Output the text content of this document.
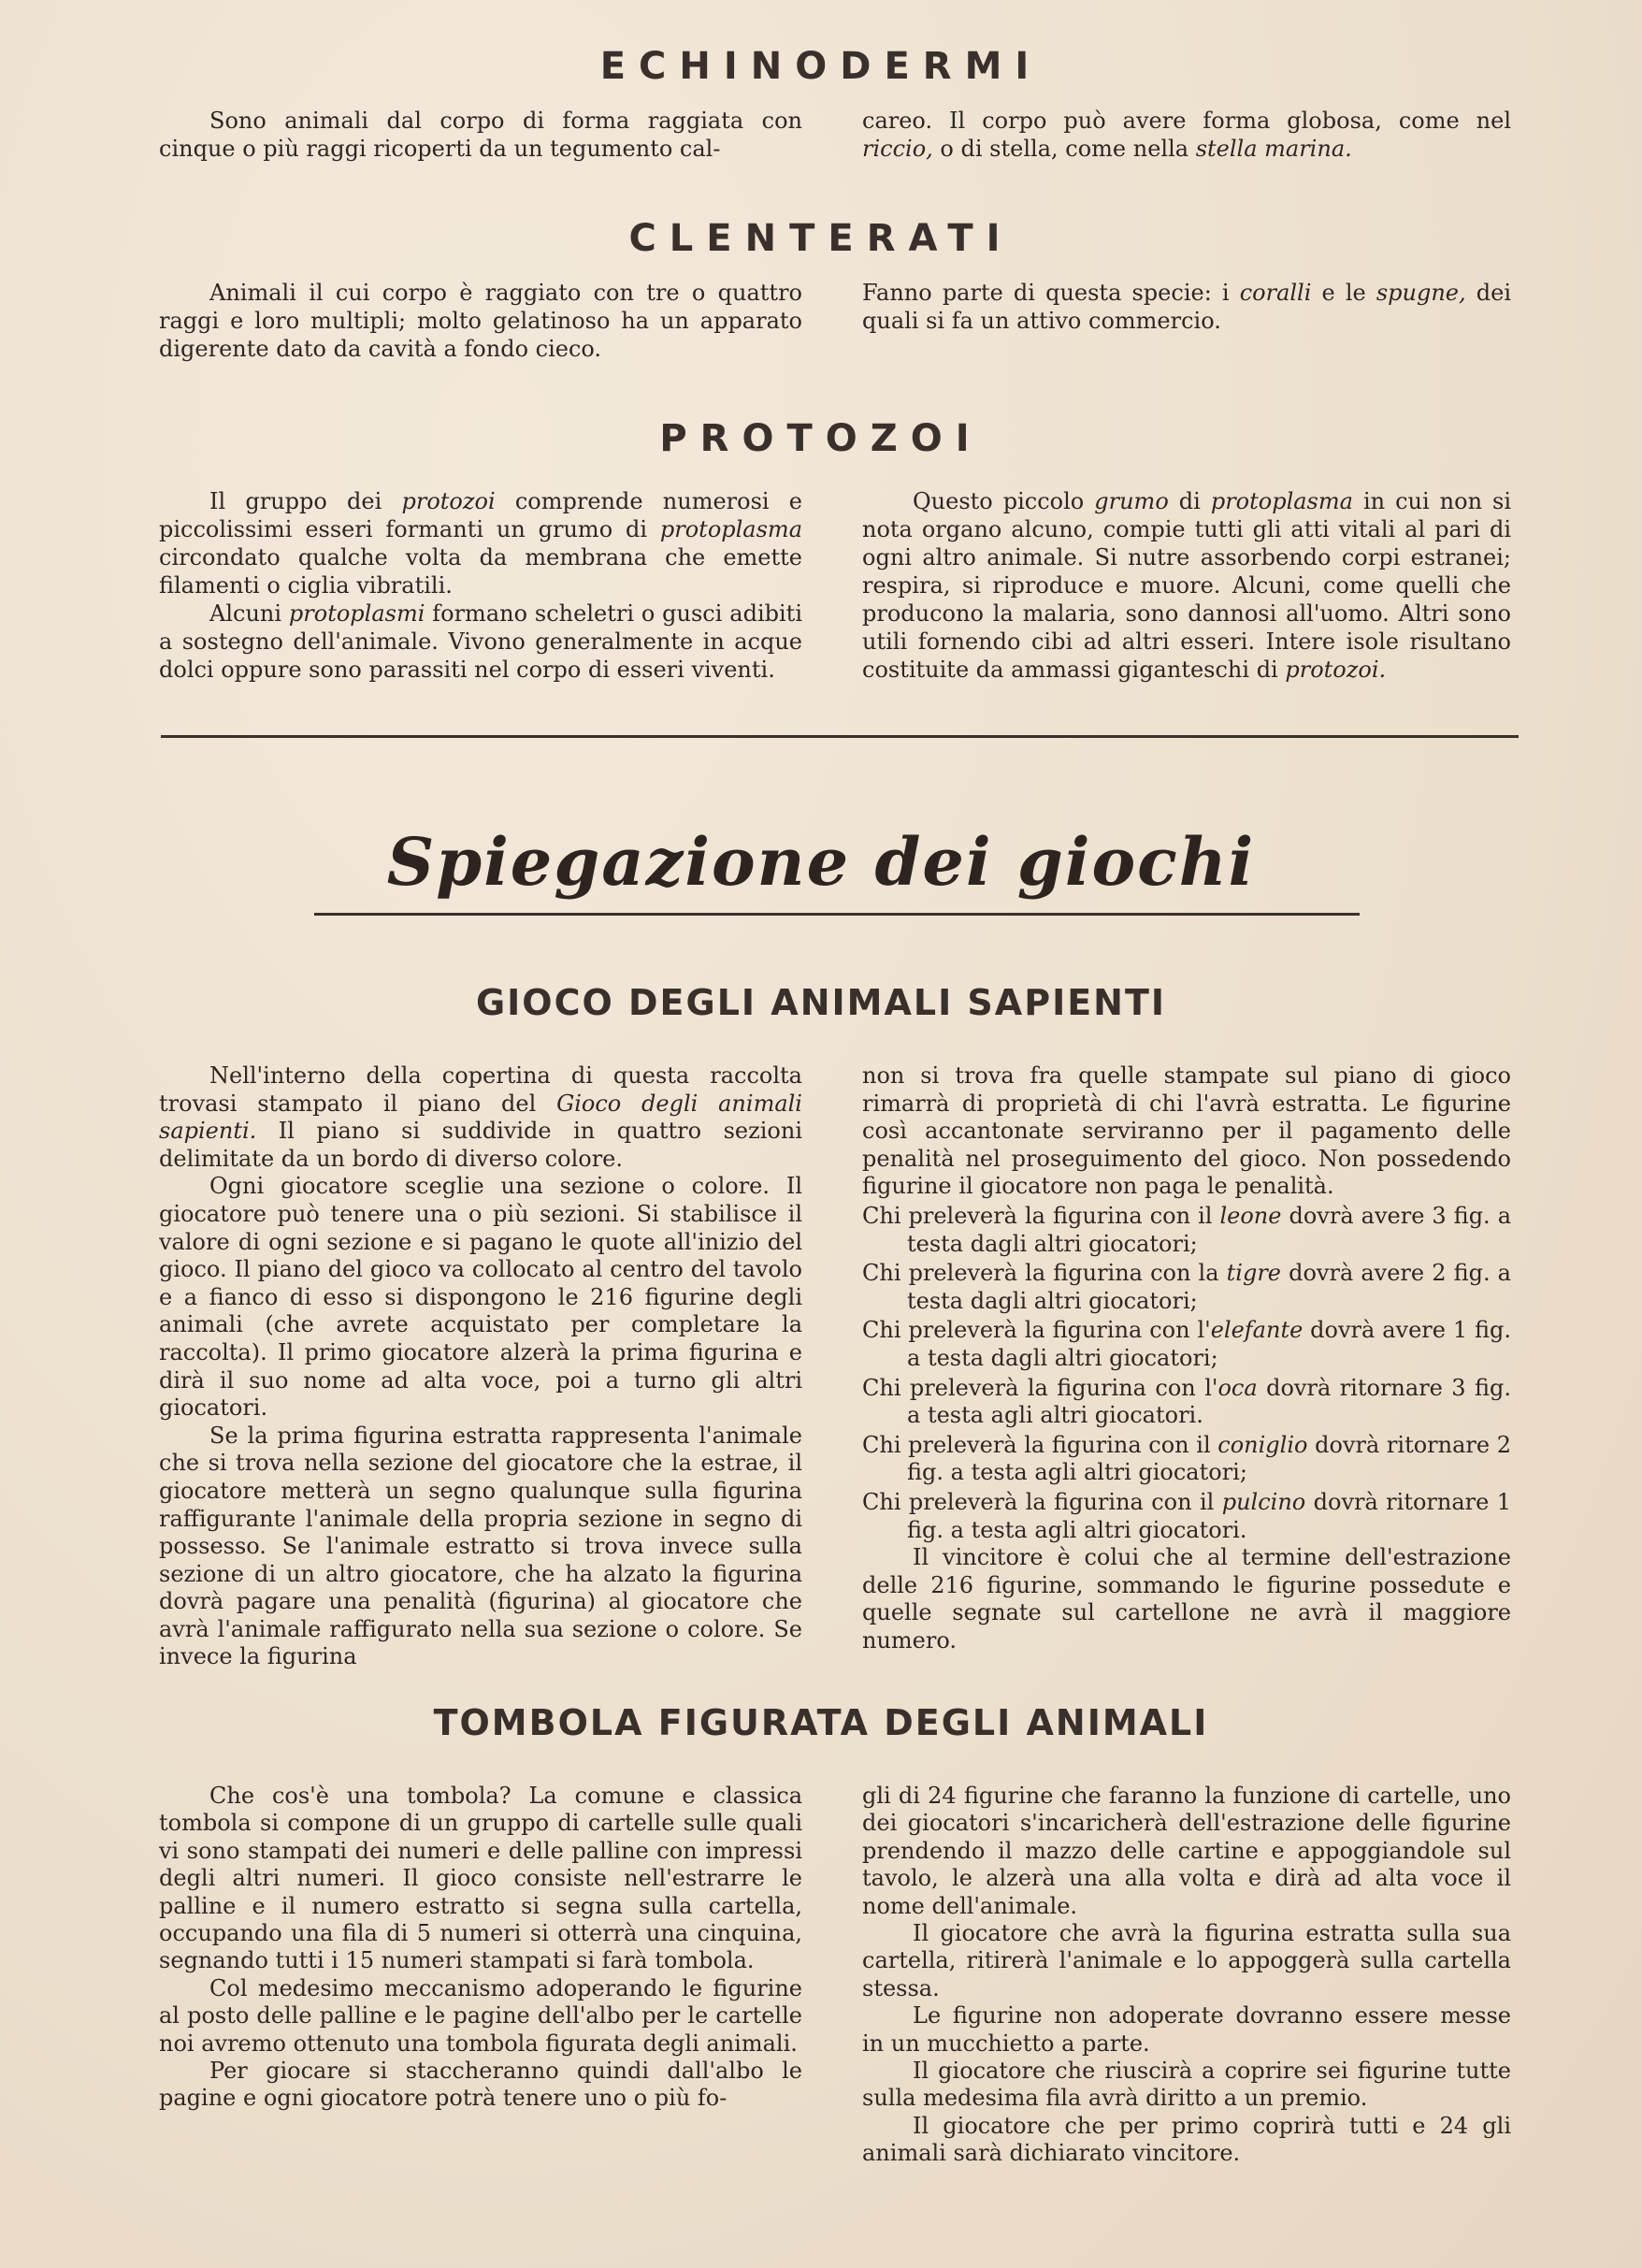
ECHINODERMI

Sono animali dal corpo di forma raggiata con cinque o più raggi ricoperti da un tegumento cal-

careo. Il corpo può avere forma globosa, come nel riccio, o di stella, come nella stella marina.

CLENTERATI

Animali il cui corpo è raggiato con tre o quattro raggi e loro multipli; molto gelatinoso ha un apparato digerente dato da cavità a fondo cieco.

Fanno parte di questa specie: i coralli e le spugne, dei quali si fa un attivo commercio.

PROTOZOI

Il gruppo dei protozoi comprende numerosi e piccolissimi esseri formanti un grumo di protoplasma circondato qualche volta da membrana che emette filamenti o ciglia vibratili.

Alcuni protoplasmi formano scheletri o gusci adibiti a sostegno dell'animale. Vivono generalmente in acque dolci oppure sono parassiti nel corpo di esseri viventi.

Questo piccolo grumo di protoplasma in cui non si nota organo alcuno, compie tutti gli atti vitali al pari di ogni altro animale. Si nutre assorbendo corpi estranei; respira, si riproduce e muore. Alcuni, come quelli che producono la malaria, sono dannosi all'uomo. Altri sono utili fornendo cibi ad altri esseri. Intere isole risultano costituite da ammassi giganteschi di protozoi.

Spiegazione dei giochi
GIOCO DEGLI ANIMALI SAPIENTI

Nell'interno della copertina di questa raccolta trovasi stampato il piano del Gioco degli animali sapienti. Il piano si suddivide in quattro sezioni delimitate da un bordo di diverso colore.

Ogni giocatore sceglie una sezione o colore. Il giocatore può tenere una o più sezioni. Si stabilisce il valore di ogni sezione e si pagano le quote all'inizio del gioco. Il piano del gioco va collocato al centro del tavolo e a fianco di esso si dispongono le 216 figurine degli animali (che avrete acquistato per completare la raccolta). Il primo giocatore alzerà la prima figurina e dirà il suo nome ad alta voce, poi a turno gli altri giocatori.

Se la prima figurina estratta rappresenta l'animale che si trova nella sezione del giocatore che la estrae, il giocatore metterà un segno qualunque sulla figurina raffigurante l'animale della propria sezione in segno di possesso. Se l'animale estratto si trova invece sulla sezione di un altro giocatore, che ha alzato la figurina dovrà pagare una penalità (figurina) al giocatore che avrà l'animale raffigurato nella sua sezione o colore. Se invece la figurina

non si trova fra quelle stampate sul piano di gioco rimarrà di proprietà di chi l'avrà estratta. Le figurine così accantonate serviranno per il pagamento delle penalità nel proseguimento del gioco. Non possedendo figurine il giocatore non paga le penalità.

Chi preleverà la figurina con il leone dovrà avere 3 fig. a testa dagli altri giocatori;

Chi preleverà la figurina con la tigre dovrà avere 2 fig. a testa dagli altri giocatori;

Chi preleverà la figurina con l'elefante dovrà avere 1 fig. a testa dagli altri giocatori;

Chi preleverà la figurina con l'oca dovrà ritornare 3 fig. a testa agli altri giocatori.

Chi preleverà la figurina con il coniglio dovrà ritornare 2 fig. a testa agli altri giocatori;

Chi preleverà la figurina con il pulcino dovrà ritornare 1 fig. a testa agli altri giocatori.

Il vincitore è colui che al termine dell'estrazione delle 216 figurine, sommando le figurine possedute e quelle segnate sul cartellone ne avrà il maggiore numero.

TOMBOLA FIGURATA DEGLI ANIMALI

Che cos'è una tombola? La comune e classica tombola si compone di un gruppo di cartelle sulle quali vi sono stampati dei numeri e delle palline con impressi degli altri numeri. Il gioco consiste nell'estrarre le palline e il numero estratto si segna sulla cartella, occupando una fila di 5 numeri si otterrà una cinquina, segnando tutti i 15 numeri stampati si farà tombola.

Col medesimo meccanismo adoperando le figurine al posto delle palline e le pagine dell'albo per le cartelle noi avremo ottenuto una tombola figurata degli animali.

Per giocare si staccheranno quindi dall'albo le pagine e ogni giocatore potrà tenere uno o più fo-

gli di 24 figurine che faranno la funzione di cartelle, uno dei giocatori s'incaricherà dell'estrazione delle figurine prendendo il mazzo delle cartine e appoggiandole sul tavolo, le alzerà una alla volta e dirà ad alta voce il nome dell'animale.

Il giocatore che avrà la figurina estratta sulla sua cartella, ritirerà l'animale e lo appoggerà sulla cartella stessa.

Le figurine non adoperate dovranno essere messe in un mucchietto a parte.

Il giocatore che riuscirà a coprire sei figurine tutte sulla medesima fila avrà diritto a un premio.

Il giocatore che per primo coprirà tutti e 24 gli animali sarà dichiarato vincitore.
